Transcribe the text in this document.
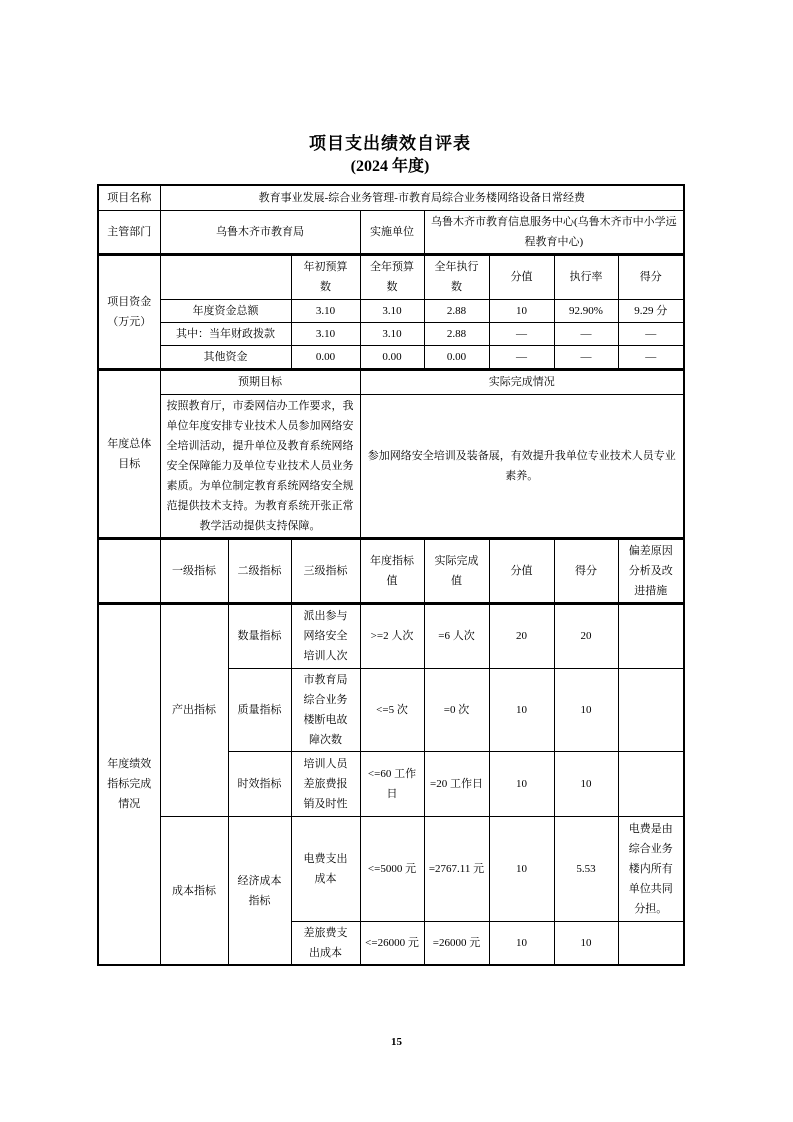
项目支出绩效自评表
(2024 年度)
项目名称	教育事业发展-综合业务管理-市教育局综合业务楼网络设备日常经费		
主管部门	乌鲁木齐市教育局	实施单位	乌鲁木齐市教育信息服务中心(乌鲁木齐市中小学远程教育中心)
项目资金（万元）		年初预算数	全年预算数	全年执行数	分值	执行率	得分
	年度资金总额	3.10	3.10	2.88	10	92.90%	9.29 分
	其中：当年财政拨款	3.10	3.10	2.88	—	—	—
	其他资金	0.00	0.00	0.00	—	—	—
年度总体目标	预期目标	实际完成情况
	按照教育厅，市委网信办工作要求，我单位年度安排专业技术人员参加网络安全培训活动，提升单位及教育系统网络安全保障能力及单位专业技术人员业务素质。为单位制定教育系统网络安全规范提供技术支持。为教育系统开张正常教学活动提供支持保障。	参加网络安全培训及装备展，有效提升我单位专业技术人员专业素养。
	一级指标	二级指标	三级指标	年度指标值	实际完成值	分值	得分	偏差原因分析及改进措施
年度绩效指标完成情况	产出指标	数量指标	派出参与网络安全培训人次	>=2 人次	=6 人次	20	20	
		质量指标	市教育局综合业务楼断电故障次数	<=5 次	=0 次	10	10	
		时效指标	培训人员差旅费报销及时性	<=60 工作日	=20 工作日	10	10	
	成本指标	经济成本指标	电费支出成本	<=5000 元	=2767.11 元	10	5.53	电费是由综合业务楼内所有单位共同分担。
			差旅费支出成本	<=26000 元	=26000 元	10	10	
15
